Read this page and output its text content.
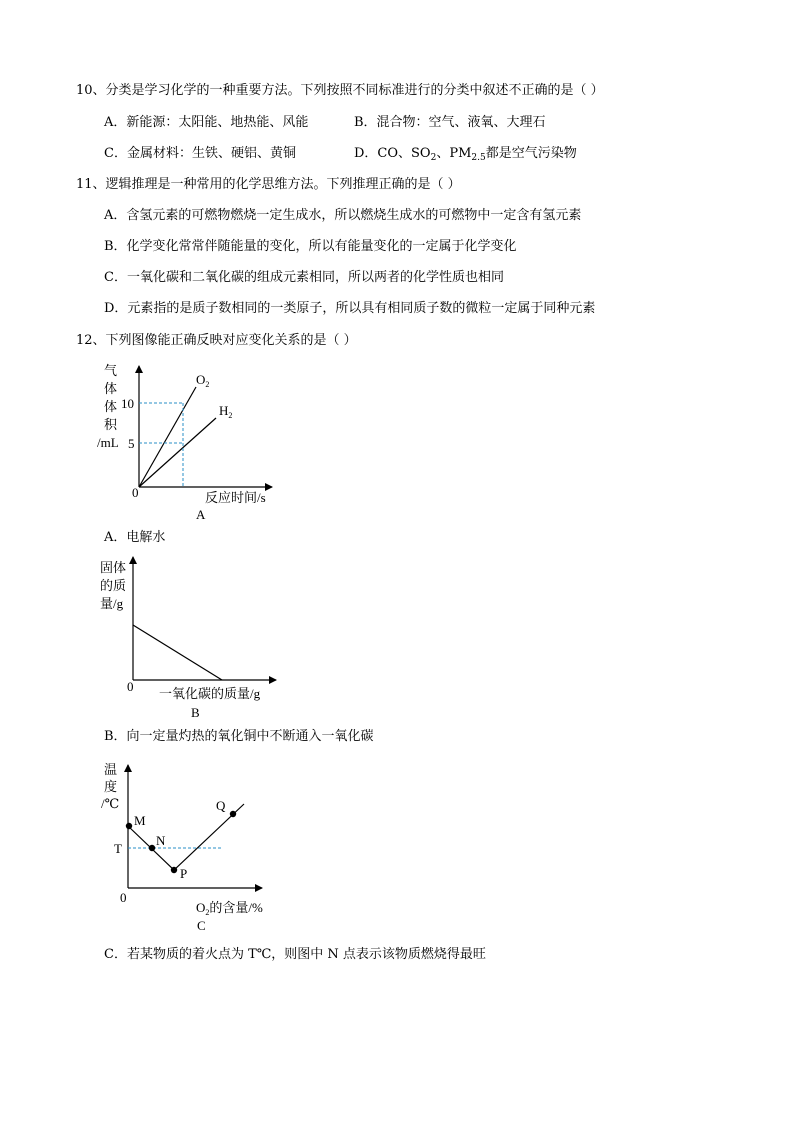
10、分类是学习化学的一种重要方法。下列按照不同标准进行的分类中叙述不正确的是（ ）
A．新能源：太阳能、地热能、风能	B．混合物：空气、液氧、大理石
C．金属材料：生铁、硬铝、黄铜	D．CO、$SO_2$、$PM_{2.5}$都是空气污染物
11、逻辑推理是一种常用的化学思维方法。下列推理正确的是（ ）
A．含氢元素的可燃物燃烧一定生成水，所以燃烧生成水的可燃物中一定含有氢元素
B．化学变化常常伴随能量的变化，所以有能量变化的一定属于化学变化
C．一氧化碳和二氧化碳的组成元素相同，所以两者的化学性质也相同
D．元素指的是质子数相同的一类原子，所以具有相同质子数的微粒一定属于同种元素
12、下列图像能正确反映对应变化关系的是（ ）
气
体
体
积
/mL
10
5
0
$O_2$
$H_2$
反应时间/s
A
A．电解水
固体
的质
量/g
0 一氧化碳的质量/g
B
B．向一定量灼热的氧化铜中不断通入一氧化碳
温
度
/℃
M
N
T
P
Q
0
$O_2$的含量/%
C
C．若某物质的着火点为 T℃，则图中 N 点表示该物质燃烧得最旺
